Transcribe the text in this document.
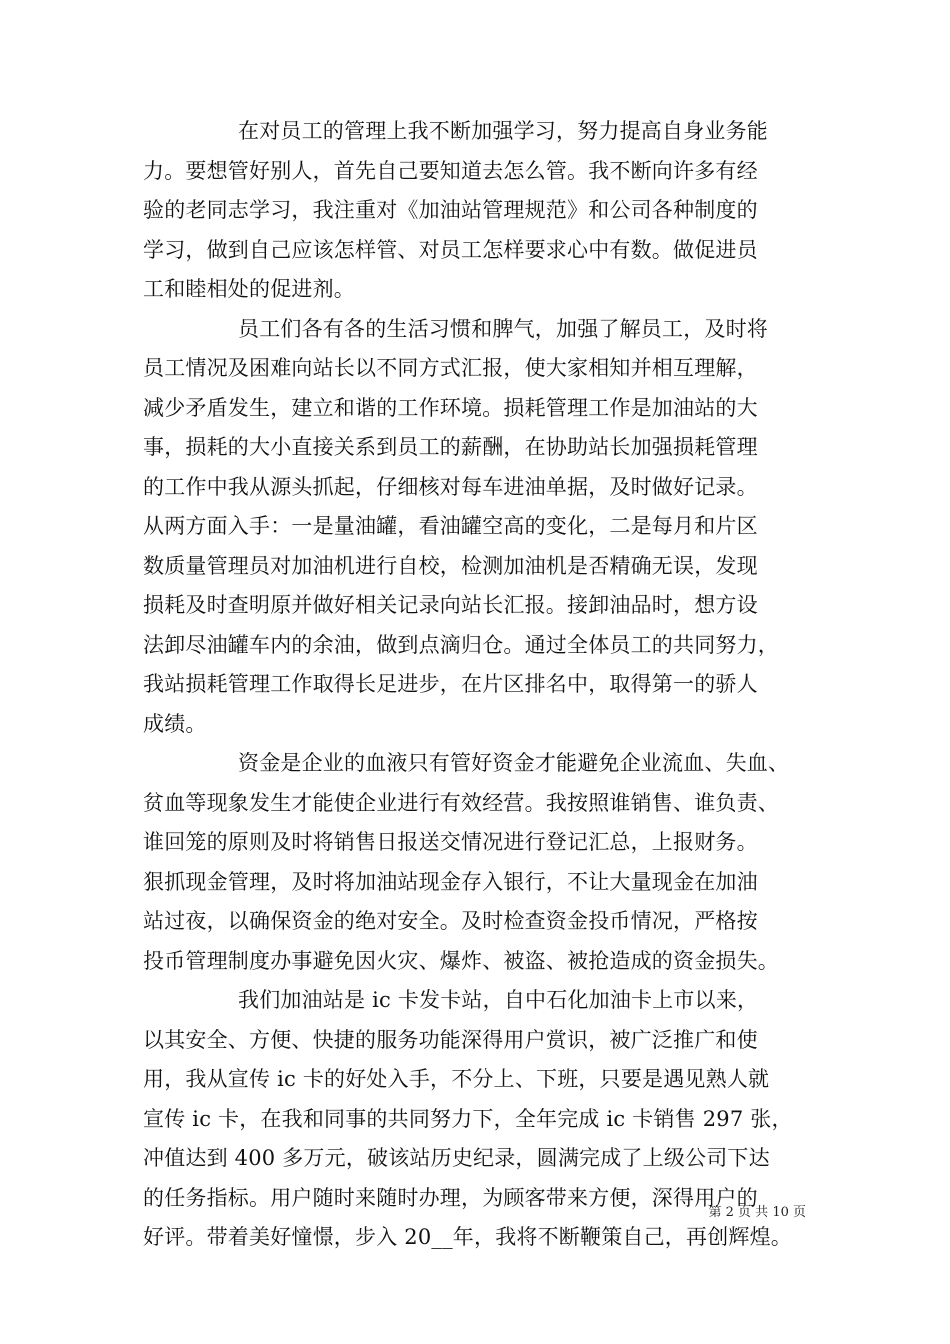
在对员工的管理上我不断加强学习，努力提高自身业务能
力。要想管好别人，首先自己要知道去怎么管。我不断向许多有经
验的老同志学习，我注重对《加油站管理规范》和公司各种制度的
学习，做到自己应该怎样管、对员工怎样要求心中有数。做促进员
工和睦相处的促进剂。

员工们各有各的生活习惯和脾气，加强了解员工，及时将
员工情况及困难向站长以不同方式汇报，使大家相知并相互理解，
减少矛盾发生，建立和谐的工作环境。损耗管理工作是加油站的大
事，损耗的大小直接关系到员工的薪酬，在协助站长加强损耗管理
的工作中我从源头抓起，仔细核对每车进油单据，及时做好记录。
从两方面入手：一是量油罐，看油罐空高的变化，二是每月和片区
数质量管理员对加油机进行自校，检测加油机是否精确无误，发现
损耗及时查明原并做好相关记录向站长汇报。接卸油品时，想方设
法卸尽油罐车内的余油，做到点滴归仓。通过全体员工的共同努力，
我站损耗管理工作取得长足进步，在片区排名中，取得第一的骄人
成绩。

资金是企业的血液只有管好资金才能避免企业流血、失血、
贫血等现象发生才能使企业进行有效经营。我按照谁销售、谁负责、
谁回笼的原则及时将销售日报送交情况进行登记汇总，上报财务。
狠抓现金管理，及时将加油站现金存入银行，不让大量现金在加油
站过夜，以确保资金的绝对安全。及时检查资金投币情况，严格按
投币管理制度办事避免因火灾、爆炸、被盗、被抢造成的资金损失。

我们加油站是 ic 卡发卡站，自中石化加油卡上市以来，
以其安全、方便、快捷的服务功能深得用户赏识，被广泛推广和使
用，我从宣传 ic 卡的好处入手，不分上、下班，只要是遇见熟人就
宣传 ic 卡，在我和同事的共同努力下，全年完成 ic 卡销售 297 张，
冲值达到 400 多万元，破该站历史纪录，圆满完成了上级公司下达
的任务指标。用户随时来随时办理，为顾客带来方便，深得用户的
好评。带着美好憧憬，步入 20__年，我将不断鞭策自己，再创辉煌。

第 2 页 共 10 页
